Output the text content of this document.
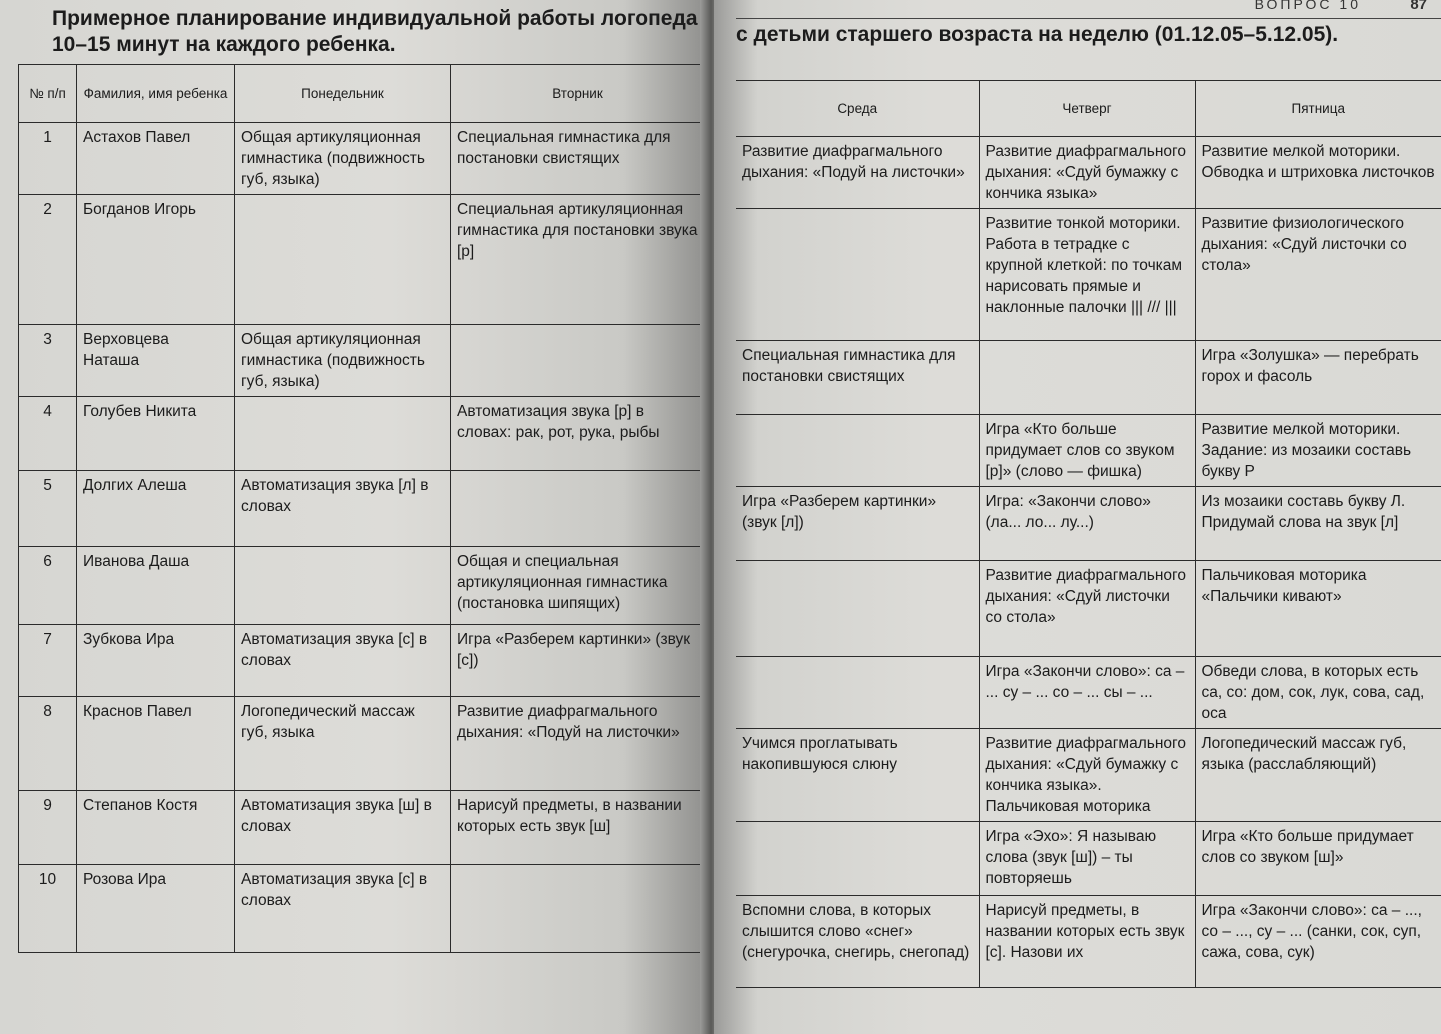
Примерное планирование индивидуальной работы логопеда 10–15 минут на каждого ребенка.
№ п/п	Фамилия, имя ребенка	Понедельник	Вторник
1	Астахов Павел	Общая артикуляционная гимнастика (подвижность губ, языка)	Специальная гимнастика для постановки свистящих
2	Богданов Игорь		Специальная артикуляционная гимнастика для постановки звука [р]
3	Верховцева Наташа	Общая артикуляционная гимнастика (подвижность губ, языка)	
4	Голубев Никита		Автоматизация звука [р] в словах: рак, рот, рука, рыбы
5	Долгих Алеша	Автоматизация звука [л] в словах	
6	Иванова Даша		Общая и специальная артикуляционная гимнастика (постановка шипящих)
7	Зубкова Ира	Автоматизация звука [с] в словах	Игра «Разберем картинки» (звук [с])
8	Краснов Павел	Логопедический массаж губ, языка	Развитие диафрагмального дыхания: «Подуй на листочки»
9	Степанов Костя	Автоматизация звука [ш] в словах	Нарисуй предметы, в названии которых есть звук [ш]
10	Розова Ира	Автоматизация звука [с] в словах	
ВОПРОС 10	87
с детьми старшего возраста на неделю (01.12.05–5.12.05).
Среда	Четверг	Пятница
Развитие диафрагмального дыхания: «Подуй на листочки»	Развитие диафрагмального дыхания: «Сдуй бумажку с кончика языка»	Развитие мелкой моторики. Обводка и штриховка листочков
	Развитие тонкой моторики. Работа в тетрадке с крупной клеткой: по точкам нарисовать прямые и наклонные палочки ||| /// |||	Развитие физиологического дыхания: «Сдуй листочки со стола»
Специальная гимнастика для постановки свистящих		Игра «Золушка» — перебрать горох и фасоль
	Игра «Кто больше придумает слов со звуком [р]» (слово — фишка)	Развитие мелкой моторики. Задание: из мозаики составь букву Р
Игра «Разберем картинки» (звук [л])	Игра: «Закончи слово» (ла... ло... лу...)	Из мозаики составь букву Л. Придумай слова на звук [л]
	Развитие диафрагмального дыхания: «Сдуй листочки со стола»	Пальчиковая моторика «Пальчики кивают»
	Игра «Закончи слово»: са – ... су – ... со – ... сы – ...	Обведи слова, в которых есть са, со: дом, сок, лук, сова, сад, оса
Учимся проглатывать накопившуюся слюну	Развитие диафрагмального дыхания: «Сдуй бумажку с кончика языка». Пальчиковая моторика	Логопедический массаж губ, языка (расслабляющий)
	Игра «Эхо»: Я называю слова (звук [ш]) – ты повторяешь	Игра «Кто больше придумает слов со звуком [ш]»
Вспомни слова, в которых слышится слово «снег» (снегурочка, снегирь, снегопад)	Нарисуй предметы, в названии которых есть звук [с]. Назови их	Игра «Закончи слово»: са – ..., со – ..., су – ... (санки, сок, суп, сажа, сова, сук)
